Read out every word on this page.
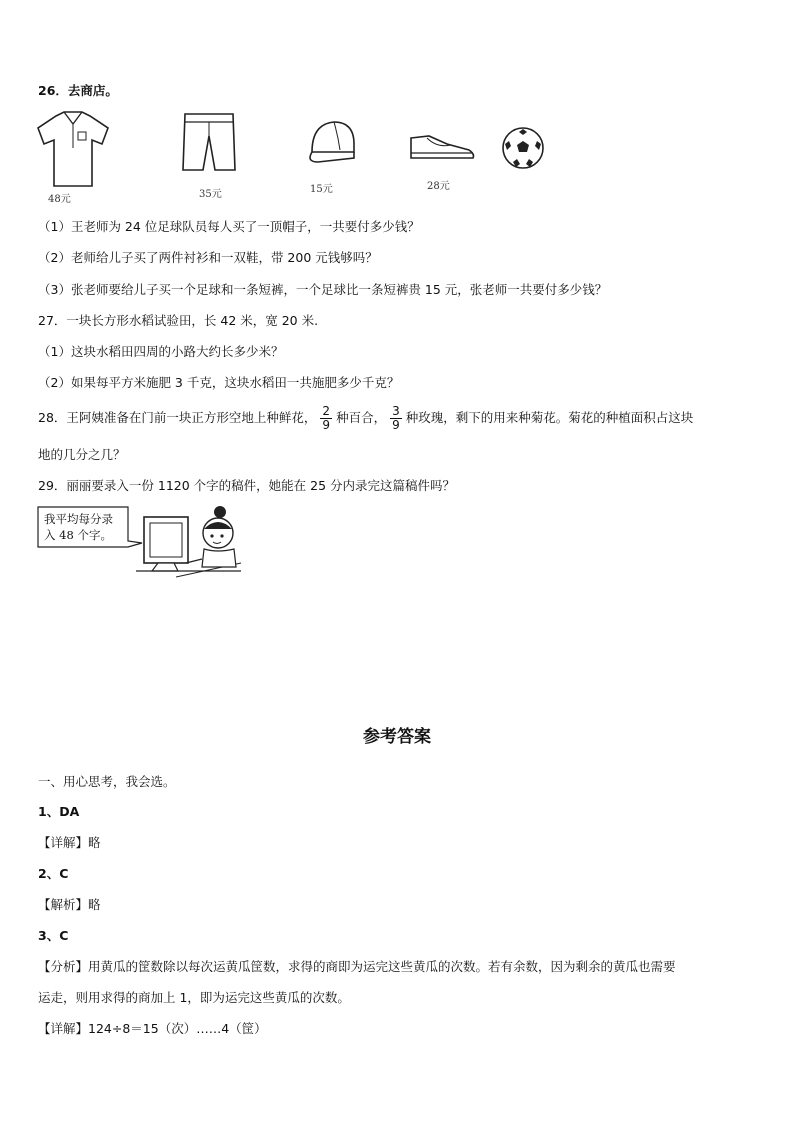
26．去商店。
48元	35元	15元	28元
（1）王老师为 24 位足球队员每人买了一顶帽子，一共要付多少钱？
（2）老师给儿子买了两件衬衫和一双鞋，带 200 元钱够吗？
（3）张老师要给儿子买一个足球和一条短裤，一个足球比一条短裤贵 15 元，张老师一共要付多少钱？
27．一块长方形水稻试验田，长 42 米，宽 20 米.
（1）这块水稻田四周的小路大约长多少米？
（2）如果每平方米施肥 3 千克，这块水稻田一共施肥多少千克？
28．王阿姨准备在门前一块正方形空地上种鲜花， $\frac{2}{9}$ 种百合， $\frac{3}{9}$ 种玫瑰，剩下的用来种菊花。菊花的种植面积占这块
地的几分之几？
29．丽丽要录入一份 1120 个字的稿件，她能在 25 分内录完这篇稿件吗？
我平均每分录
入 48 个字。
参考答案
一、用心思考，我会选。
1、DA
【详解】略
2、C
【解析】略
3、C
【分析】用黄瓜的筐数除以每次运黄瓜筐数，求得的商即为运完这些黄瓜的次数。若有余数，因为剩余的黄瓜也需要
运走，则用求得的商加上 1，即为运完这些黄瓜的次数。
【详解】124÷8＝15（次）……4（筐）
